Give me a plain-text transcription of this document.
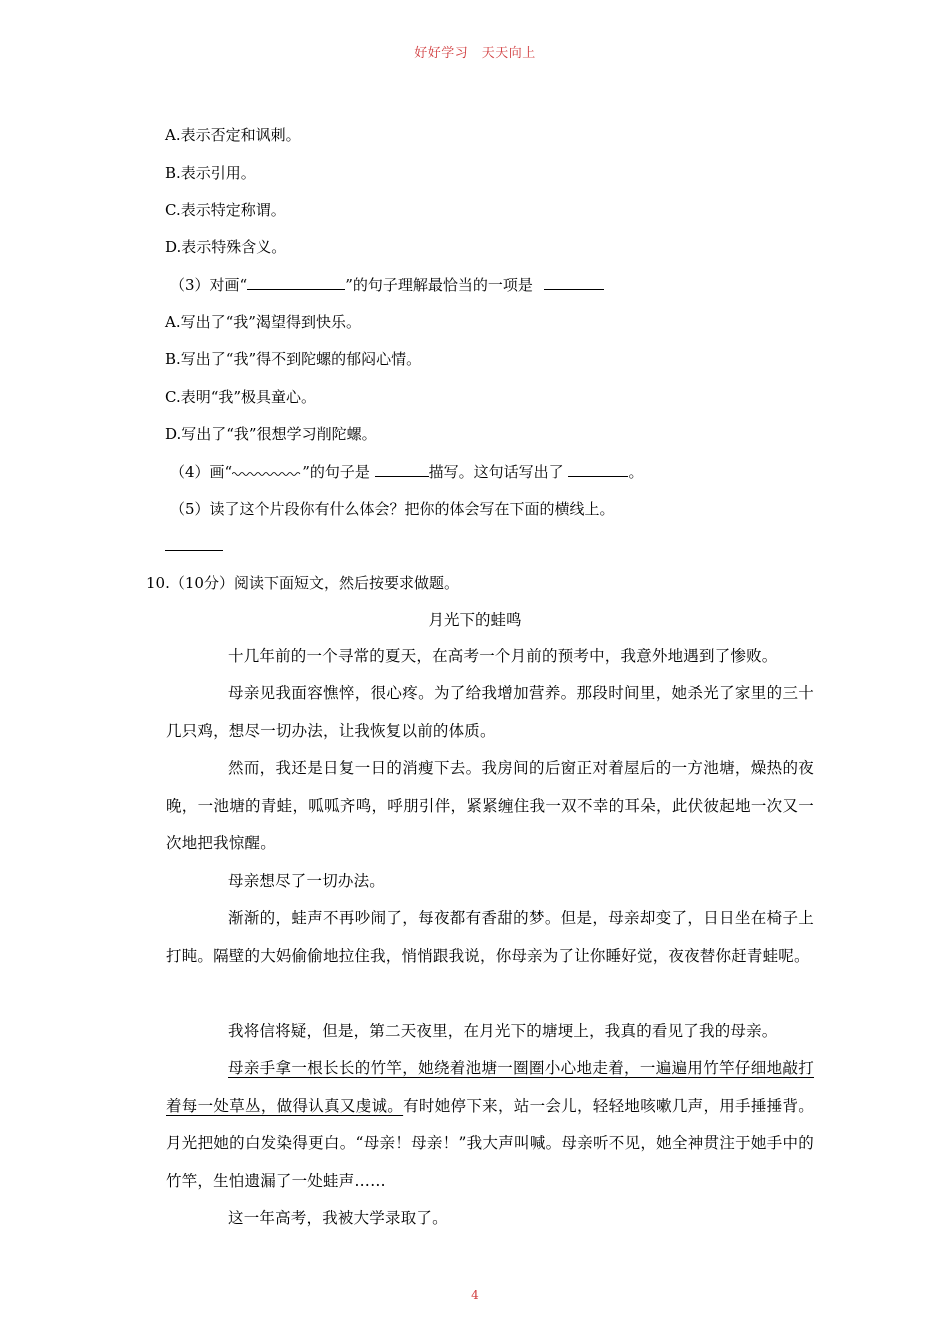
好好学习　天天向上
A.表示否定和讽刺。
B.表示引用。
C.表示特定称谓。
D.表示特殊含义。
（3）对画“	”的句子理解最恰当的一项是
A.写出了“我”渴望得到快乐。
B.写出了“我”得不到陀螺的郁闷心情。
C.表明“我”极具童心。
D.写出了“我”很想学习削陀螺。
（4）画“	”的句子是	描写。这句话写出了	。
（5）读了这个片段你有什么体会？把你的体会写在下面的横线上。
10.（10分）阅读下面短文，然后按要求做题。
月光下的蛙鸣
十几年前的一个寻常的夏天，在高考一个月前的预考中，我意外地遇到了惨败。
母亲见我面容憔悴，很心疼。为了给我增加营养。那段时间里，她杀光了家里的三十几只鸡，想尽一切办法，让我恢复以前的体质。
然而，我还是日复一日的消瘦下去。我房间的后窗正对着屋后的一方池塘，燥热的夜晚，一池塘的青蛙，呱呱齐鸣，呼朋引伴，紧紧缠住我一双不幸的耳朵，此伏彼起地一次又一次地把我惊醒。
母亲想尽了一切办法。
渐渐的，蛙声不再吵闹了，每夜都有香甜的梦。但是，母亲却变了，日日坐在椅子上打盹。隔壁的大妈偷偷地拉住我，悄悄跟我说，你母亲为了让你睡好觉，夜夜替你赶青蛙呢。
我将信将疑，但是，第二天夜里，在月光下的塘埂上，我真的看见了我的母亲。
母亲手拿一根长长的竹竿，她绕着池塘一圈圈小心地走着，一遍遍用竹竿仔细地敲打着每一处草丛，做得认真又虔诚。有时她停下来，站一会儿，轻轻地咳嗽几声，用手捶捶背。月光把她的白发染得更白。“母亲！母亲！”我大声叫喊。母亲听不见，她全神贯注于她手中的竹竿，生怕遗漏了一处蛙声……
这一年高考，我被大学录取了。
4
